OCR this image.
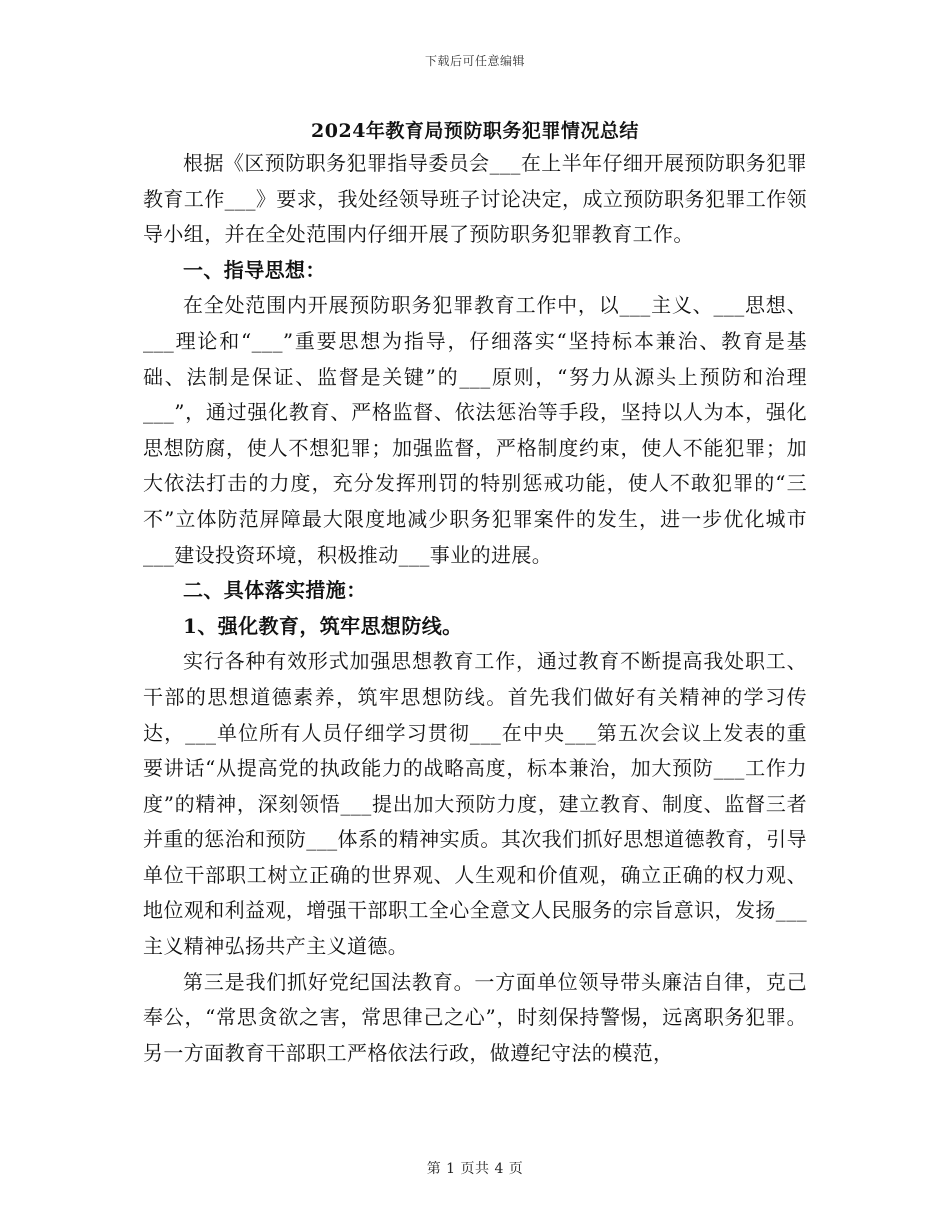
下载后可任意编辑
2024年教育局预防职务犯罪情况总结

根据《区预防职务犯罪指导委员会___在上半年仔细开展预防职务犯罪教育工作___》要求，我处经领导班子讨论决定，成立预防职务犯罪工作领导小组，并在全处范围内仔细开展了预防职务犯罪教育工作。

一、指导思想：

在全处范围内开展预防职务犯罪教育工作中，以___主义、___思想、___理论和“___”重要思想为指导，仔细落实“坚持标本兼治、教育是基础、法制是保证、监督是关键”的___原则，“努力从源头上预防和治理___”，通过强化教育、严格监督、依法惩治等手段，坚持以人为本，强化思想防腐，使人不想犯罪；加强监督，严格制度约束，使人不能犯罪；加大依法打击的力度，充分发挥刑罚的特别惩戒功能，使人不敢犯罪的“三不”立体防范屏障最大限度地减少职务犯罪案件的发生，进一步优化城市___建设投资环境，积极推动___事业的进展。

二、具体落实措施：

1、强化教育，筑牢思想防线。

实行各种有效形式加强思想教育工作，通过教育不断提高我处职工、干部的思想道德素养，筑牢思想防线。首先我们做好有关精神的学习传达，___单位所有人员仔细学习贯彻___在中央___第五次会议上发表的重要讲话“从提高党的执政能力的战略高度，标本兼治，加大预防___工作力度”的精神，深刻领悟___提出加大预防力度，建立教育、制度、监督三者并重的惩治和预防___体系的精神实质。其次我们抓好思想道德教育，引导单位干部职工树立正确的世界观、人生观和价值观，确立正确的权力观、地位观和利益观，增强干部职工全心全意文人民服务的宗旨意识，发扬___主义精神弘扬共产主义道德。

第三是我们抓好党纪国法教育。一方面单位领导带头廉洁自律，克己奉公，“常思贪欲之害，常思律己之心”，时刻保持警惕，远离职务犯罪。另一方面教育干部职工严格依法行政，做遵纪守法的模范，

第 1 页共 4 页
